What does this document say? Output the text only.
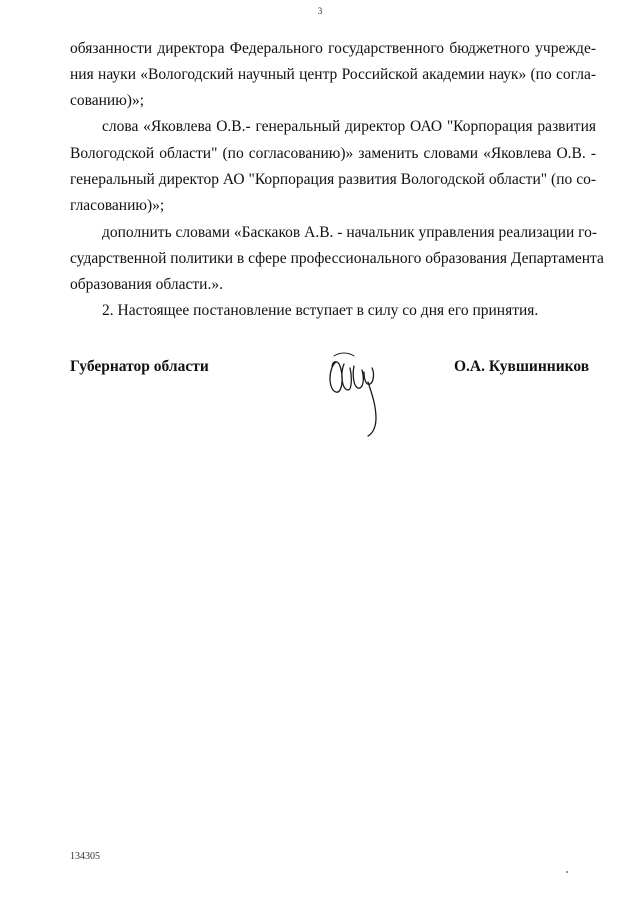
3
обязанности директора Федерального государственного бюджетного учрежде-
ния науки «Вологодский научный центр Российской академии наук» (по согла-
сованию)»;
слова «Яковлева О.В.- генеральный директор ОАО "Корпорация развития
Вологодской области" (по согласованию)» заменить словами «Яковлева О.В. -
генеральный директор АО "Корпорация развития Вологодской области" (по со-
гласованию)»;
дополнить словами «Баскаков А.В. - начальник управления реализации го-
сударственной политики в сфере профессионального образования Департамента
образования области.».
2. Настоящее постановление вступает в силу со дня его принятия.
Губернатор области	О.А. Кувшинников
134305
